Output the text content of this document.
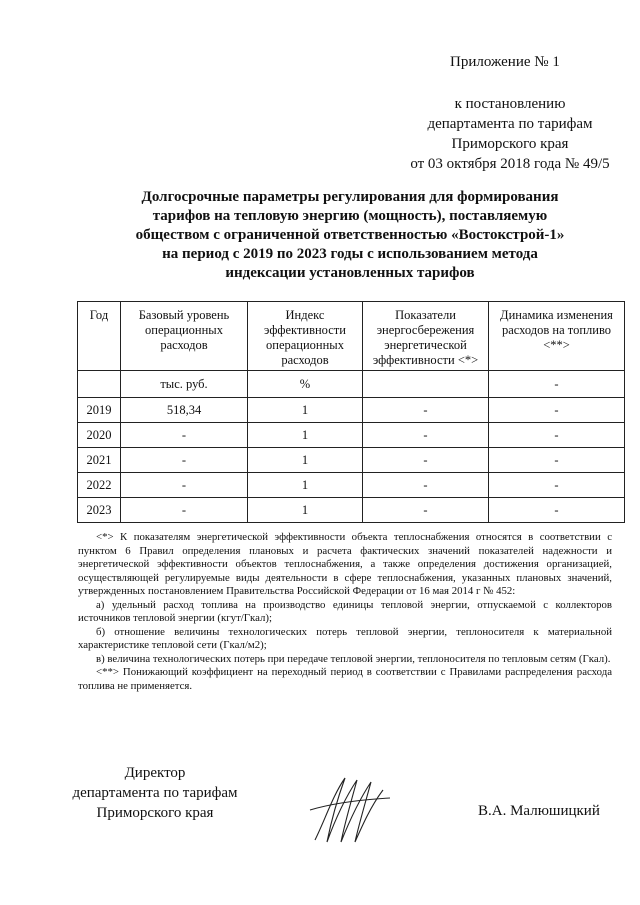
Приложение № 1
к постановлению
департамента по тарифам
Приморского края
от 03 октября 2018 года № 49/5
Долгосрочные параметры регулирования для формирования
тарифов на тепловую энергию (мощность), поставляемую
обществом с ограниченной ответственностью «Востокстрой-1»
на период с 2019 по 2023 годы с использованием метода
индексации установленных тарифов
Год	Базовый уровень операционных расходов	Индекс эффективности операционных расходов	Показатели энергосбережения энергетической эффективности <*>	Динамика изменения расходов на топливо <**>
	тыс. руб.	%		-
2019	518,34	1	-	-
2020	-	1	-	-
2021	-	1	-	-
2022	-	1	-	-
2023	-	1	-	-

<*> К показателям энергетической эффективности объекта теплоснабжения относятся в соответствии с пунктом 6 Правил определения плановых и расчета фактических значений показателей надежности и энергетической эффективности объектов теплоснабжения, а также определения достижения организацией, осуществляющей регулируемые виды деятельности в сфере теплоснабжения, указанных плановых значений, утвержденных постановлением Правительства Российской Федерации от 16 мая 2014 г № 452:

а) удельный расход топлива на производство единицы тепловой энергии, отпускаемой с коллекторов источников тепловой энергии (кгут/Гкал);

б) отношение величины технологических потерь тепловой энергии, теплоносителя к материальной характеристике тепловой сети (Гкал/м2);

в) величина технологических потерь при передаче тепловой энергии, теплоносителя по тепловым сетям (Гкал).

<**> Понижающий коэффициент на переходный период в соответствии с Правилами распределения расхода топлива не применяется.

Директор
департамента по тарифам
Приморского края	В.А. Малюшицкий
